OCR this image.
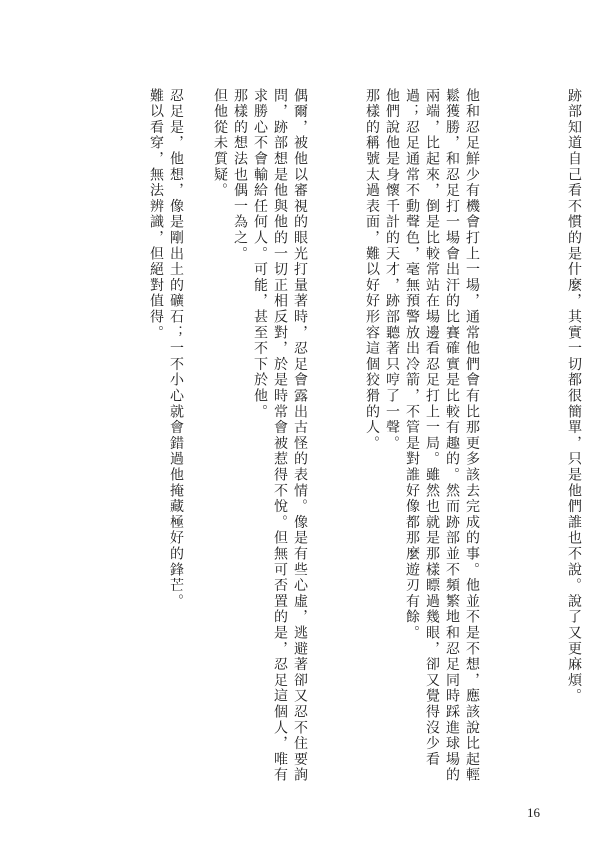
跡部知道自己看不慣的是什麼，其實一切都很簡單，只是他們誰也不說。說了又更麻煩。

他和忍足鮮少有機會打上一場，通常他們會有比那更多該去完成的事。他並不是不想，應該說比起輕鬆獲勝，和忍足打一場會出汗的比賽確實是比較有趣的。然而跡部並不頻繁地和忍足同時踩進球場的兩端，比起來，倒是比較常站在場邊看忍足打上一局。雖然也就是那樣瞟過幾眼，卻又覺得沒少看過；忍足通常不動聲色，毫無預警放出冷箭，不管是對誰好像都那麼遊刃有餘。

他們說他是身懷千計的天才，跡部聽著只哼了一聲。

那樣的稱號太過表面，難以好好形容這個狡猾的人。

偶爾，被他以審視的眼光打量著時，忍足會露出古怪的表情。像是有些心虛，逃避著卻又忍不住要詢問，跡部想是他與他的一切正相反對，於是時常會被惹得不悅。但無可否置的是，忍足這個人，唯有求勝心不會輸給任何人。可能，甚至不下於他。

那樣的想法也偶一為之。

但他從未質疑。

忍足是，他想，像是剛出土的礦石；一不小心就會錯過他掩藏極好的鋒芒。

難以看穿，無法辨識，但絕對值得。

16
